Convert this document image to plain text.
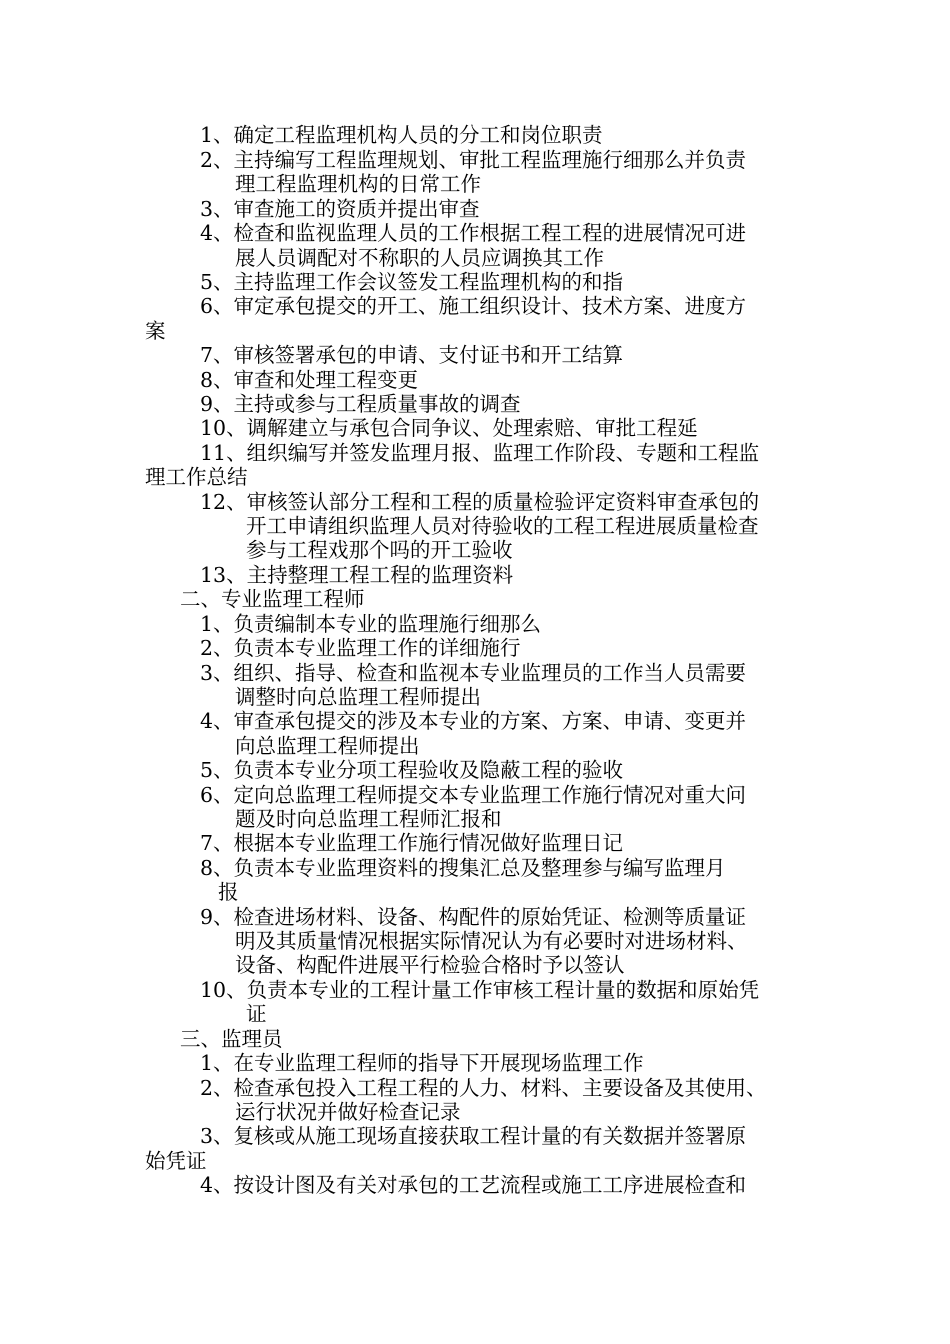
1、确定工程监理机构人员的分工和岗位职责
2、主持编写工程监理规划、审批工程监理施行细那么并负责
理工程监理机构的日常工作
3、审查施工的资质并提出审查
4、检查和监视监理人员的工作根据工程工程的进展情况可进
展人员调配对不称职的人员应调换其工作
5、主持监理工作会议签发工程监理机构的和指
6、审定承包提交的开工、施工组织设计、技术方案、进度方
案
7、审核签署承包的申请、支付证书和开工结算
8、审查和处理工程变更
9、主持或参与工程质量事故的调查
10、调解建立与承包合同争议、处理索赔、审批工程延
11、组织编写并签发监理月报、监理工作阶段、专题和工程监
理工作总结
12、审核签认部分工程和工程的质量检验评定资料审查承包的
开工申请组织监理人员对待验收的工程工程进展质量检查
参与工程戏那个吗的开工验收
13、主持整理工程工程的监理资料
二、专业监理工程师
1、负责编制本专业的监理施行细那么
2、负责本专业监理工作的详细施行
3、组织、指导、检查和监视本专业监理员的工作当人员需要
调整时向总监理工程师提出
4、审查承包提交的涉及本专业的方案、方案、申请、变更并
向总监理工程师提出
5、负责本专业分项工程验收及隐蔽工程的验收
6、定向总监理工程师提交本专业监理工作施行情况对重大问
题及时向总监理工程师汇报和
7、根据本专业监理工作施行情况做好监理日记
8、负责本专业监理资料的搜集汇总及整理参与编写监理月
报
9、检查进场材料、设备、构配件的原始凭证、检测等质量证
明及其质量情况根据实际情况认为有必要时对进场材料、
设备、构配件进展平行检验合格时予以签认
10、负责本专业的工程计量工作审核工程计量的数据和原始凭
证
三、监理员
1、在专业监理工程师的指导下开展现场监理工作
2、检查承包投入工程工程的人力、材料、主要设备及其使用、
运行状况并做好检查记录
3、复核或从施工现场直接获取工程计量的有关数据并签署原
始凭证
4、按设计图及有关对承包的工艺流程或施工工序进展检查和
